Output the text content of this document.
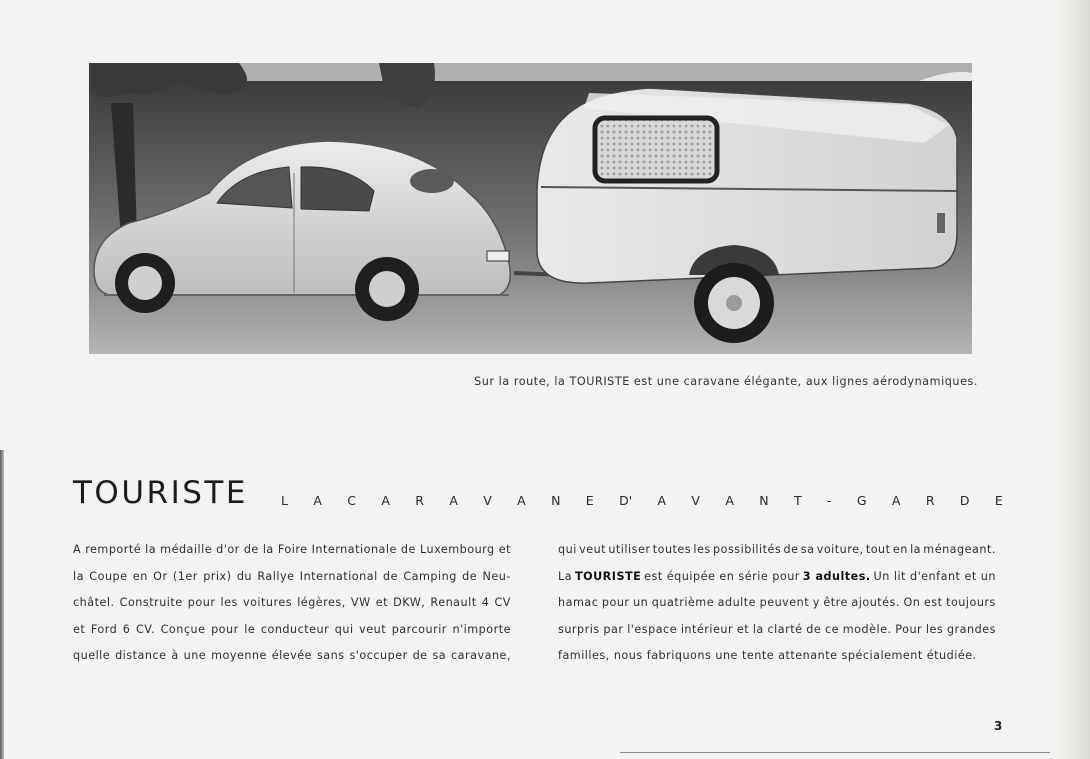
Sur la route, la TOURISTE est une caravane élégante, aux lignes aérodynamiques.
TOURISTE	L A C A R A V A N E D' A V A N T - G A R D E
A remporté la médaille d'or de la Foire Internationale de Luxembourg et
la Coupe en Or (1er prix) du Rallye International de Camping de Neu-
châtel. Construite pour les voitures légères, VW et DKW, Renault 4 CV
et Ford 6 CV. Conçue pour le conducteur qui veut parcourir n'importe
quelle distance à une moyenne élevée sans s'occuper de sa caravane,
qui veut utiliser toutes les possibilités de sa voiture, tout en la ménageant.
La TOURISTE est équipée en série pour 3 adultes. Un lit d'enfant et un
hamac pour un quatrième adulte peuvent y être ajoutés. On est toujours
surpris par l'espace intérieur et la clarté de ce modèle. Pour les grandes
familles, nous fabriquons une tente attenante spécialement étudiée.
3
